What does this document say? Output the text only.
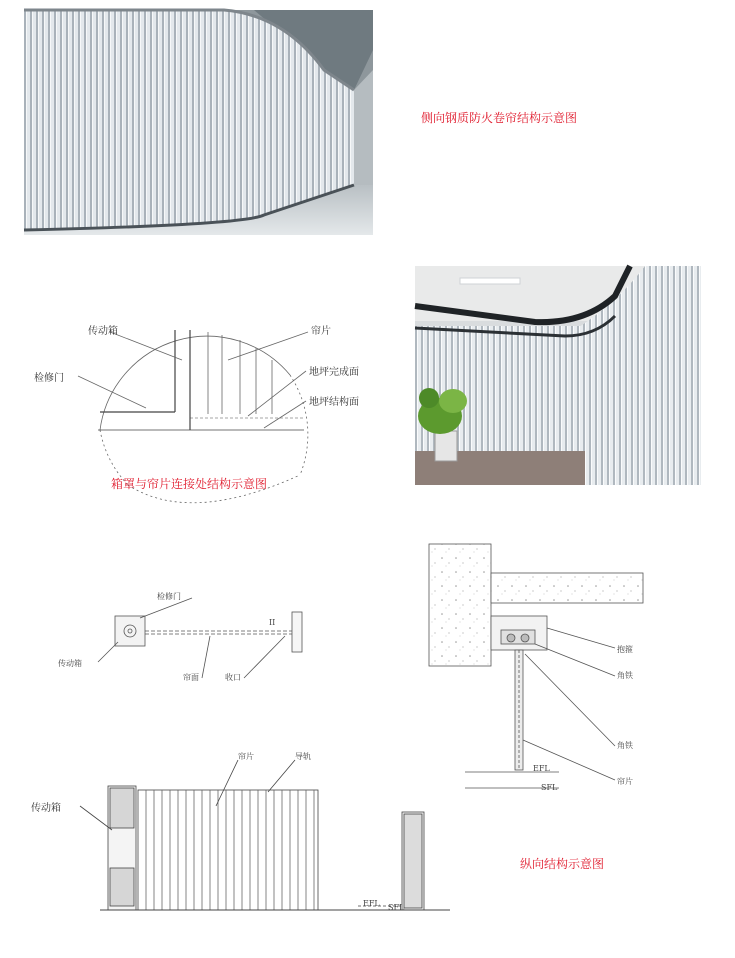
侧向钢质防火卷帘结构示意图
传动箱	帘片
检修门
地坪完成面
地坪结构面
箱罩与帘片连接处结构示意图
检修门
II
传动箱
帘面	收口
抱箍
角铁
角铁
帘片
EFL
SFL
纵向结构示意图
传动箱
帘片	导轨
EFL SFL
